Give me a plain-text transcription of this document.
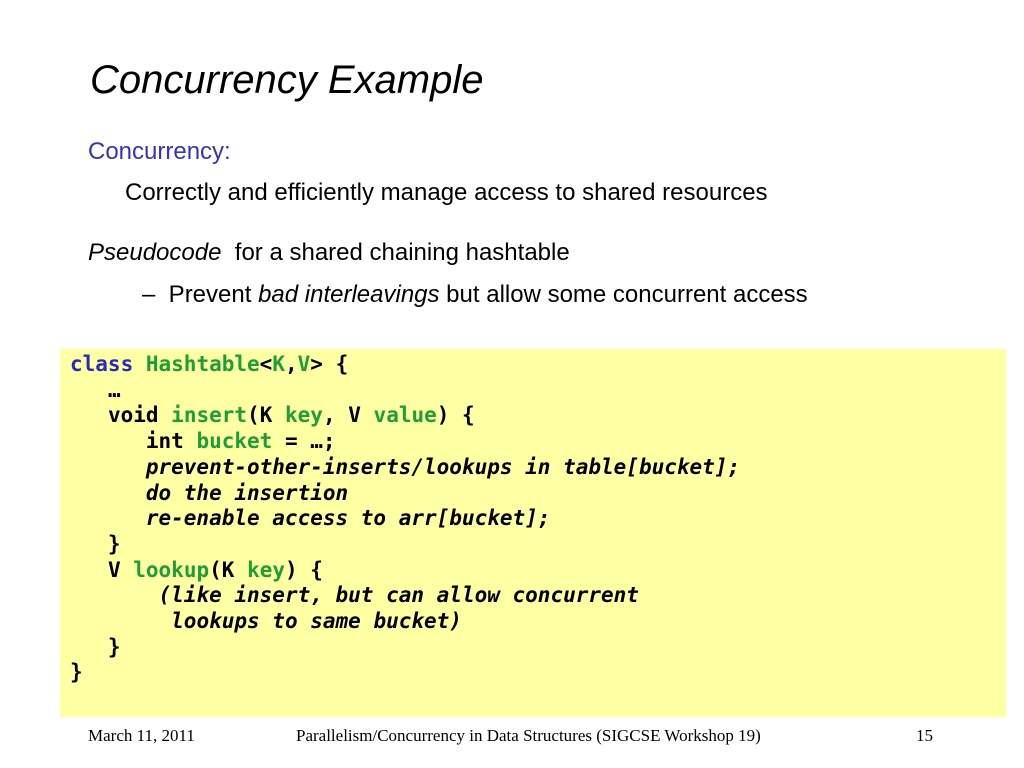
Concurrency Example
Concurrency:
Correctly and efficiently manage access to shared resources
Pseudocode  for a shared chaining hashtable
–  Prevent bad interleavings but allow some concurrent access
class Hashtable<K,V> {
…
void insert(K key, V value) {
int bucket = …;
prevent-other-inserts/lookups in table[bucket];
do the insertion
re-enable access to arr[bucket];
}
V lookup(K key) {
(like insert, but can allow concurrent
lookups to same bucket)
}
}
March 11, 2011	Parallelism/Concurrency in Data Structures (SIGCSE Workshop 19)	15
